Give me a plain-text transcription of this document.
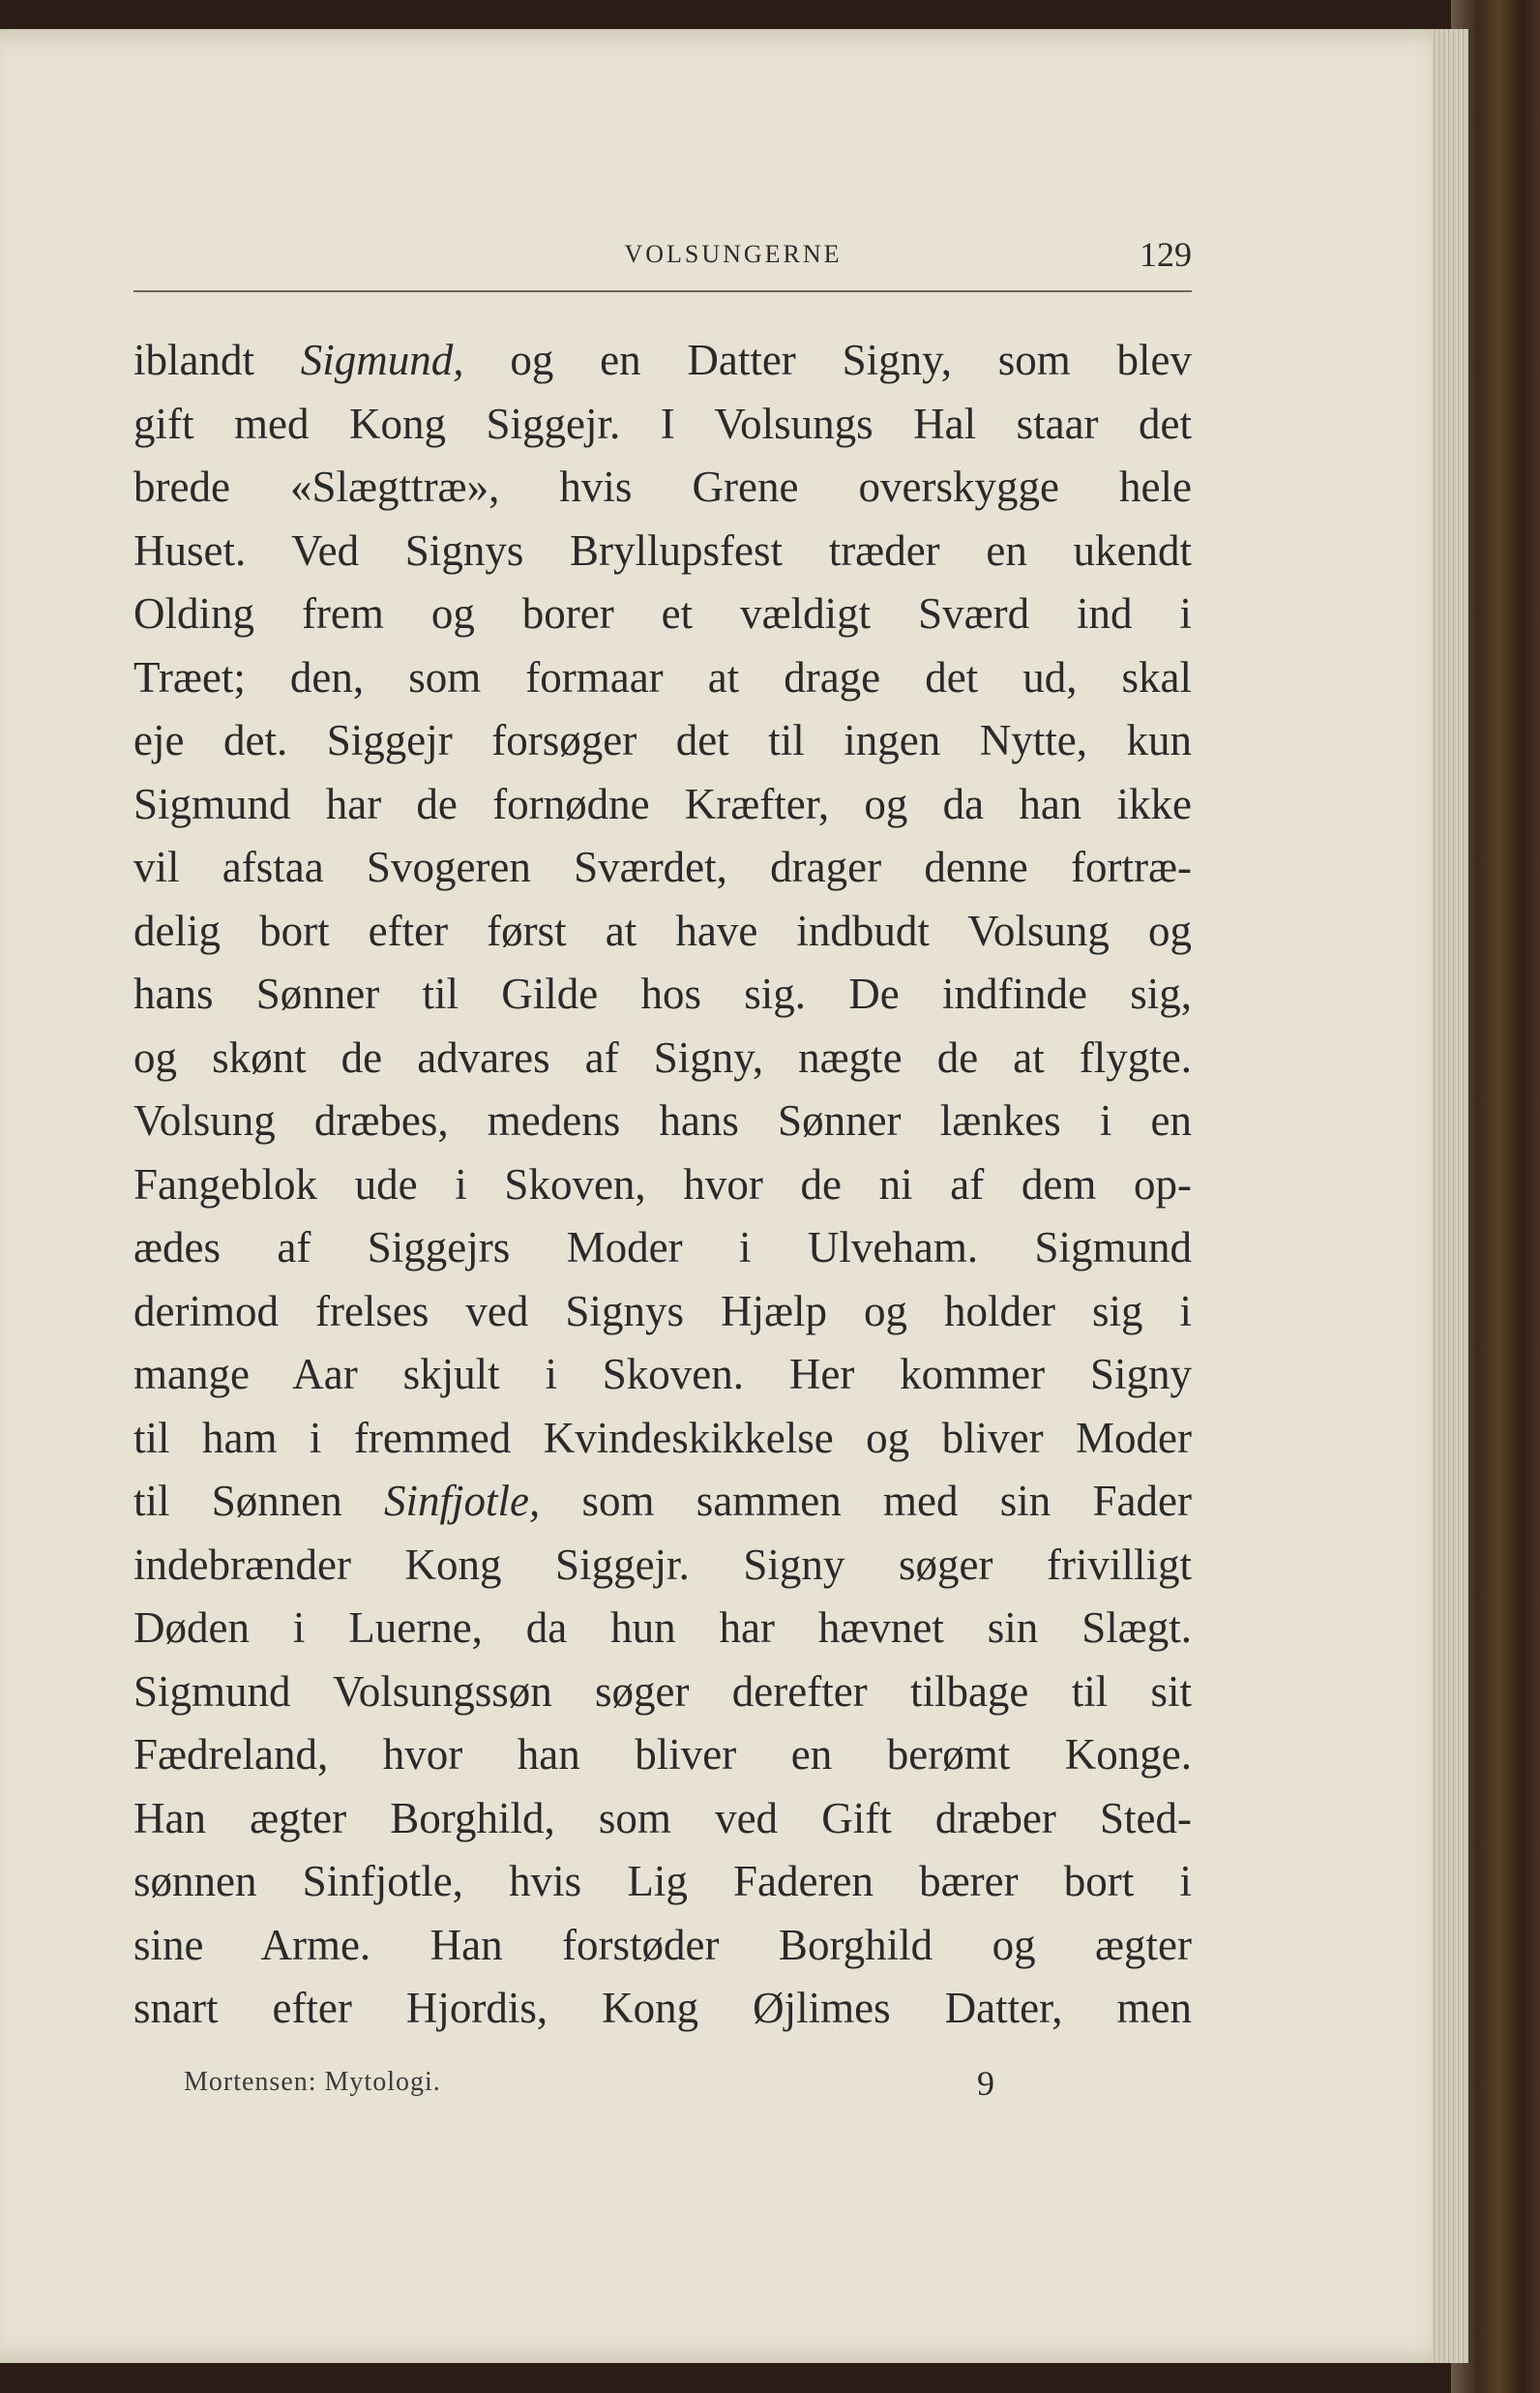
VOLSUNGERNE	129
iblandt Sigmund, og en Datter Signy, som blev
gift med Kong Siggejr. I Volsungs Hal staar det
brede «Slægttræ», hvis Grene overskygge hele
Huset. Ved Signys Bryllupsfest træder en ukendt
Olding frem og borer et vældigt Sværd ind i
Træet; den, som formaar at drage det ud, skal
eje det. Siggejr forsøger det til ingen Nytte, kun
Sigmund har de fornødne Kræfter, og da han ikke
vil afstaa Svogeren Sværdet, drager denne fortræ-
delig bort efter først at have indbudt Volsung og
hans Sønner til Gilde hos sig. De indfinde sig,
og skønt de advares af Signy, nægte de at flygte.
Volsung dræbes, medens hans Sønner lænkes i en
Fangeblok ude i Skoven, hvor de ni af dem op-
ædes af Siggejrs Moder i Ulveham. Sigmund
derimod frelses ved Signys Hjælp og holder sig i
mange Aar skjult i Skoven. Her kommer Signy
til ham i fremmed Kvindeskikkelse og bliver Moder
til Sønnen Sinfjotle, som sammen med sin Fader
indebrænder Kong Siggejr. Signy søger frivilligt
Døden i Luerne, da hun har hævnet sin Slægt.
Sigmund Volsungssøn søger derefter tilbage til sit
Fædreland, hvor han bliver en berømt Konge.
Han ægter Borghild, som ved Gift dræber Sted-
sønnen Sinfjotle, hvis Lig Faderen bærer bort i
sine Arme. Han forstøder Borghild og ægter
snart efter Hjordis, Kong Øjlimes Datter, men
Mortensen: Mytologi.	9
